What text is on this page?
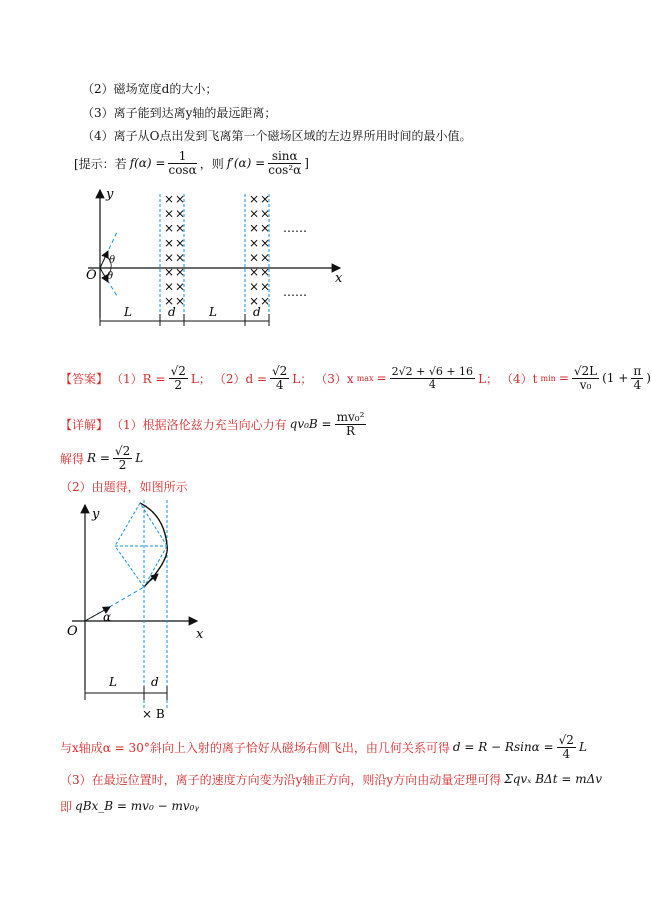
（2）磁场宽度d的大小；
（3）离子能到达离y轴的最远距离；
（4）离子从O点出发到飞离第一个磁场区域的左边界所用时间的最小值。
[提示：若 $f(\alpha) = \frac{1}{\cos\alpha}$ ，则 $f'(\alpha) = \frac{\sin\alpha}{\text{cos²α}}$ ]
y
x
O
θ
θ
×
×
×
×
×
×
×
×
×
×
×
×
×
×
×
×
×
×
×
×
×
×
×
×
×
×
×
×
×
×
×
×
……
……
L	d	L	d
【答案】 $(1)R = \frac{√2}{2}$ L； $(2)d = \frac{√2}{4}$ L； （3）x $\max = \frac{2√2 + √6 + 16}{4}$ L； （4）t $\min = \frac{√2L}{\text{v₀}} (1 + \frac{\pi}{4}$ )
【详解】 （1）根据洛伦兹力充当向心力有 $qv_0B = \frac{\text{mv₀²}}{R}$
解得 $R = \frac{√2}{2}$ L
（2）由题得，如图所示
y
x
O
α
L	d
× B
与x轴成α = 30°斜向上入射的离子恰好从磁场右侧飞出，由几何关系可得 $d = R - Rsin\alpha = \frac{√2}{4}$ L
（3）在最远位置时，离子的速度方向变为沿y轴正方向，则沿y方向由动量定理可得 Σqvₓ BΔt = mΔv
即 qBx_B = mv₀ − mv₀ᵧ
